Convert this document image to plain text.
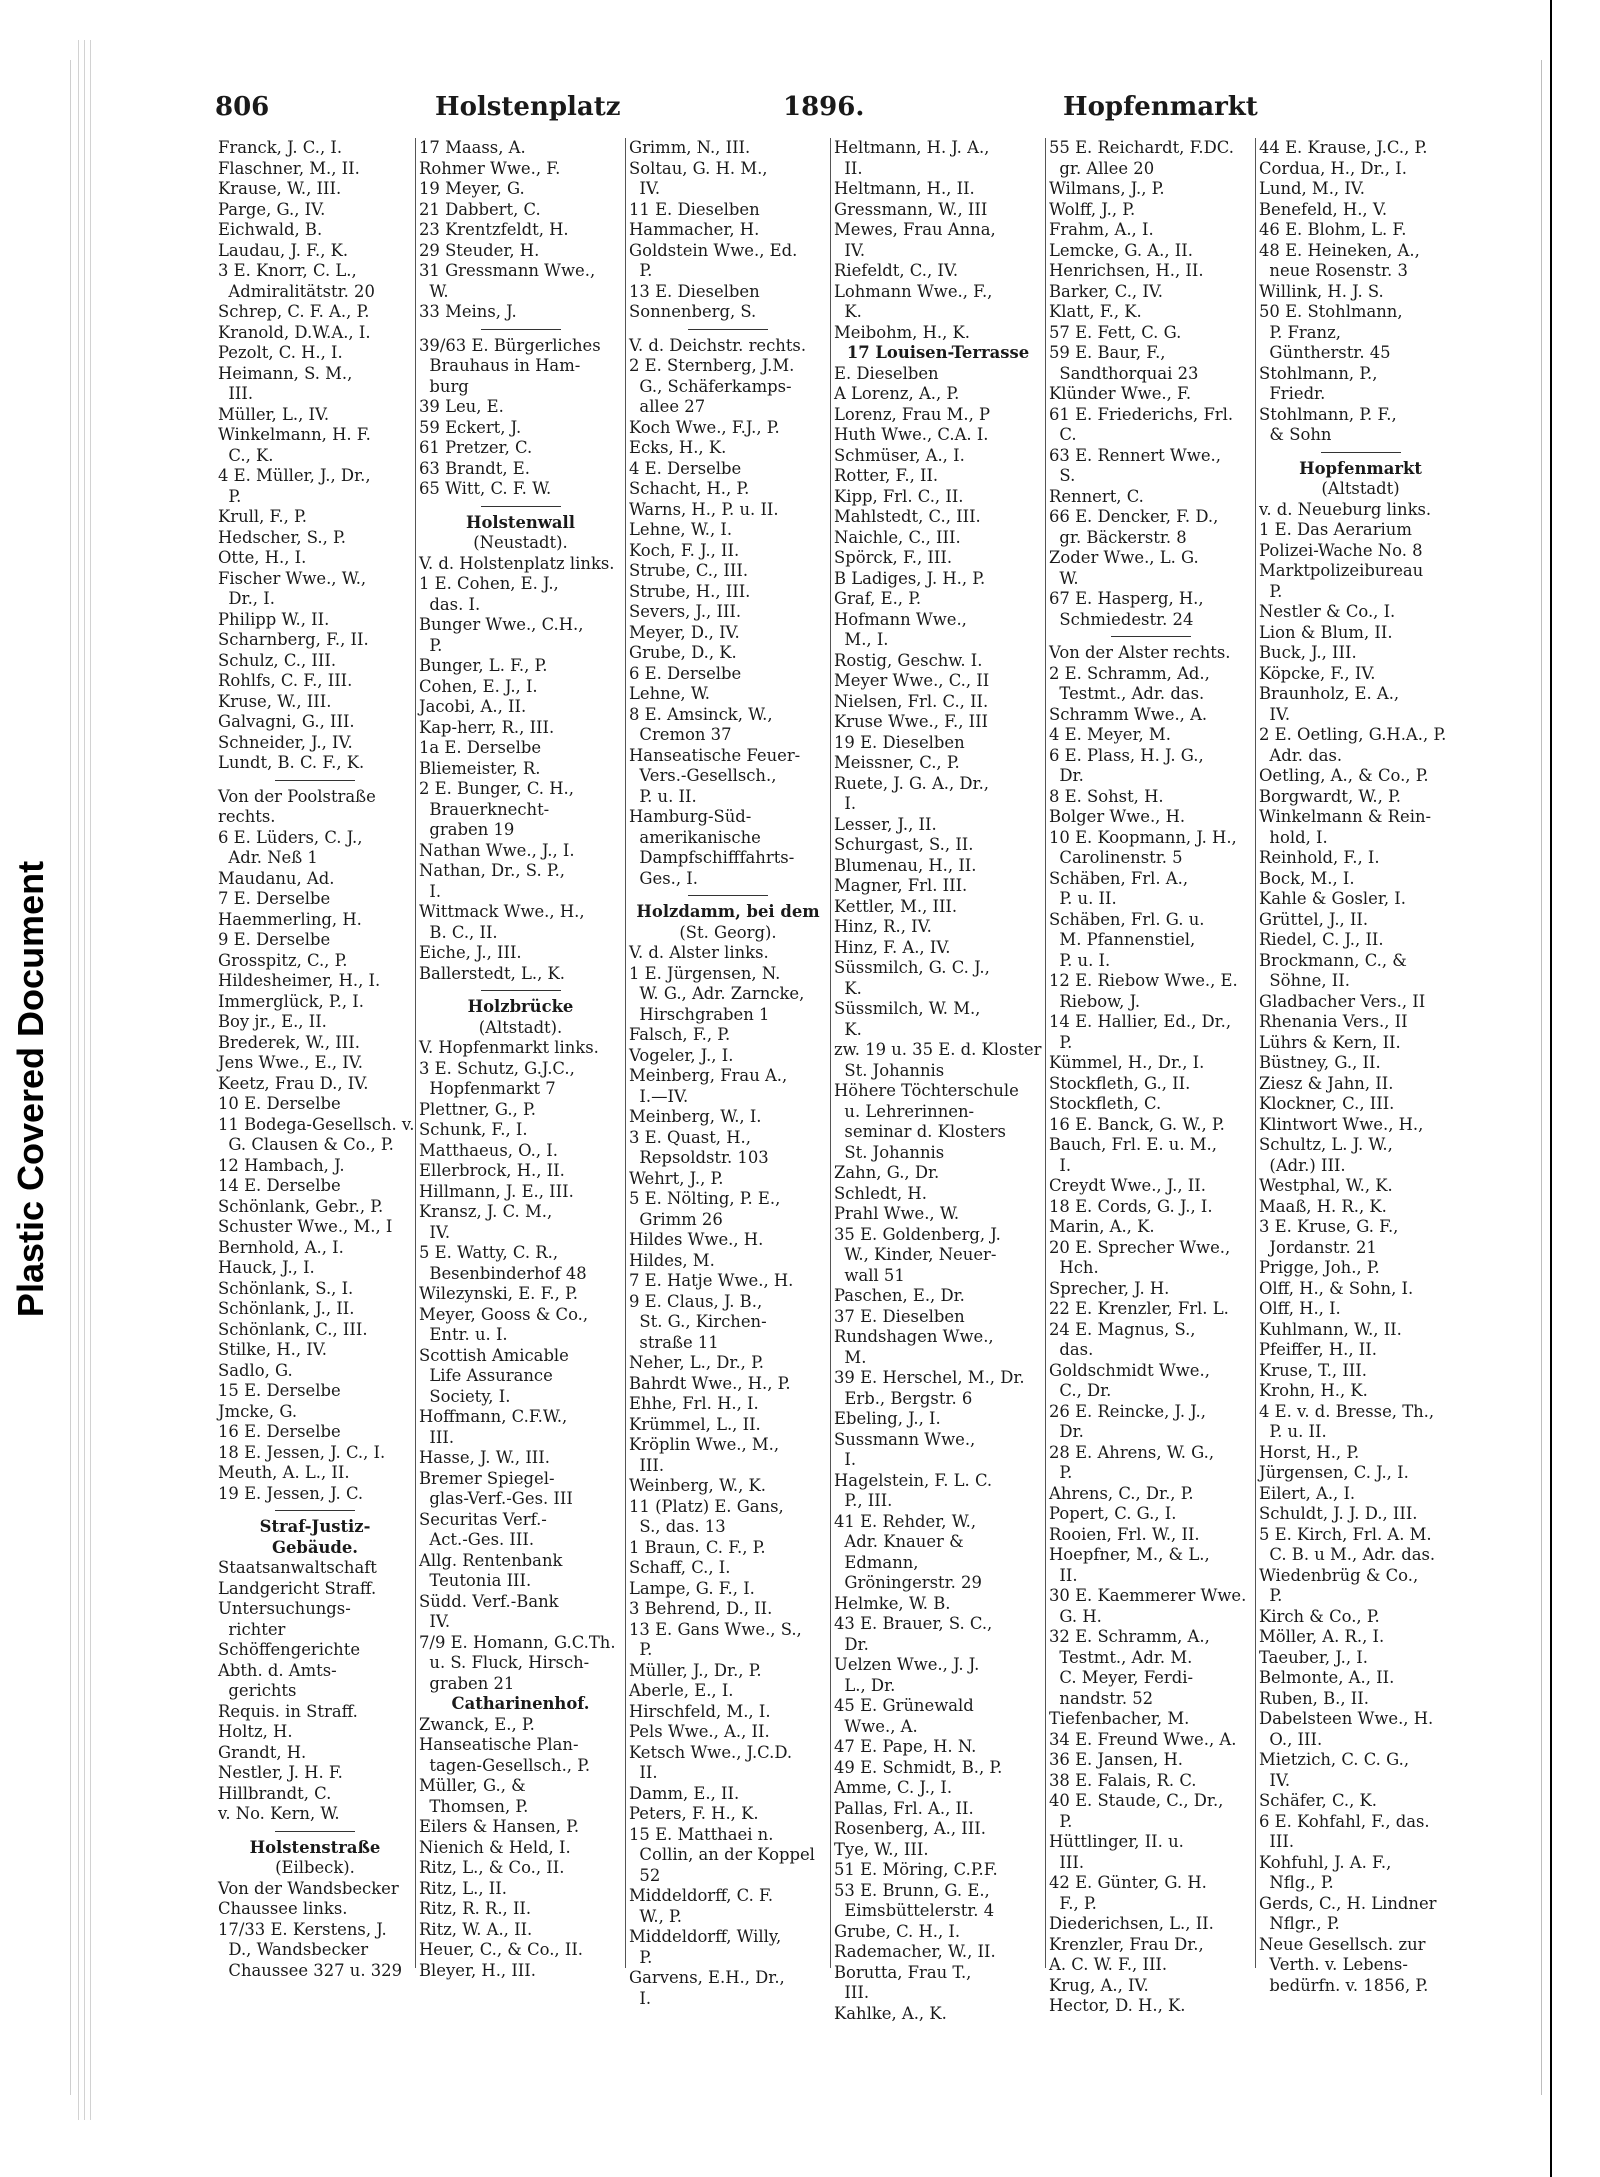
Plastic Covered Document
806	Holstenplatz	1896.	Hopfenmarkt
Franck, J. C., I.
Flaschner, M., II.
Krause, W., III.
Parge, G., IV.
Eichwald, B.
Laudau, J. F., K.
3 E. Knorr, C. L.,
Admiralitätstr. 20
Schrep, C. F. A., P.
Kranold, D.W.A., I.
Pezolt, C. H., I.
Heimann, S. M.,
III.
Müller, L., IV.
Winkelmann, H. F.
C., K.
4 E. Müller, J., Dr.,
P.
Krull, F., P.
Hedscher, S., P.
Otte, H., I.
Fischer Wwe., W.,
Dr., I.
Philipp W., II.
Scharnberg, F., II.
Schulz, C., III.
Rohlfs, C. F., III.
Kruse, W., III.
Galvagni, G., III.
Schneider, J., IV.
Lundt, B. C. F., K.
Von der Poolstraße
rechts.
6 E. Lüders, C. J.,
Adr. Neß 1
Maudanu, Ad.
7 E. Derselbe
Haemmerling, H.
9 E. Derselbe
Grosspitz, C., P.
Hildesheimer, H., I.
Immerglück, P., I.
Boy jr., E., II.
Brederek, W., III.
Jens Wwe., E., IV.
Keetz, Frau D., IV.
10 E. Derselbe
11 Bodega-Gesellsch. v.
G. Clausen & Co., P.
12 Hambach, J.
14 E. Derselbe
Schönlank, Gebr., P.
Schuster Wwe., M., I
Bernhold, A., I.
Hauck, J., I.
Schönlank, S., I.
Schönlank, J., II.
Schönlank, C., III.
Stilke, H., IV.
Sadlo, G.
15 E. Derselbe
Jmcke, G.
16 E. Derselbe
18 E. Jessen, J. C., I.
Meuth, A. L., II.
19 E. Jessen, J. C.
Straf-Justiz-
Gebäude.
Staatsanwaltschaft
Landgericht Straff.
Untersuchungs-
richter
Schöffengerichte
Abth. d. Amts-
gerichts
Requis. in Straff.
Holtz, H.
Grandt, H.
Nestler, J. H. F.
Hillbrandt, C.
v. No. Kern, W.
Holstenstraße
(Eilbeck).
Von der Wandsbecker
Chaussee links.
17/33 E. Kerstens, J.
D., Wandsbecker
Chaussee 327 u. 329
17 Maass, A.
Rohmer Wwe., F.
19 Meyer, G.
21 Dabbert, C.
23 Krentzfeldt, H.
29 Steuder, H.
31 Gressmann Wwe.,
W.
33 Meins, J.
39/63 E. Bürgerliches
Brauhaus in Ham-
burg
39 Leu, E.
59 Eckert, J.
61 Pretzer, C.
63 Brandt, E.
65 Witt, C. F. W.
Holstenwall
(Neustadt).
V. d. Holstenplatz links.
1 E. Cohen, E. J.,
das. I.
Bunger Wwe., C.H.,
P.
Bunger, L. F., P.
Cohen, E. J., I.
Jacobi, A., II.
Kap-herr, R., III.
1a E. Derselbe
Bliemeister, R.
2 E. Bunger, C. H.,
Brauerknecht-
graben 19
Nathan Wwe., J., I.
Nathan, Dr., S. P.,
I.
Wittmack Wwe., H.,
B. C., II.
Eiche, J., III.
Ballerstedt, L., K.
Holzbrücke
(Altstadt).
V. Hopfenmarkt links.
3 E. Schutz, G.J.C.,
Hopfenmarkt 7
Plettner, G., P.
Schunk, F., I.
Matthaeus, O., I.
Ellerbrock, H., II.
Hillmann, J. E., III.
Kransz, J. C. M.,
IV.
5 E. Watty, C. R.,
Besenbinderhof 48
Wilezynski, E. F., P.
Meyer, Gooss & Co.,
Entr. u. I.
Scottish Amicable
Life Assurance
Society, I.
Hoffmann, C.F.W.,
III.
Hasse, J. W., III.
Bremer Spiegel-
glas-Verf.-Ges. III
Securitas Verf.-
Act.-Ges. III.
Allg. Rentenbank
Teutonia III.
Südd. Verf.-Bank
IV.
7/9 E. Homann, G.C.Th.
u. S. Fluck, Hirsch-
graben 21
Catharinenhof.
Zwanck, E., P.
Hanseatische Plan-
tagen-Gesellsch., P.
Müller, G., &
Thomsen, P.
Eilers & Hansen, P.
Nienich & Held, I.
Ritz, L., & Co., II.
Ritz, L., II.
Ritz, R. R., II.
Ritz, W. A., II.
Heuer, C., & Co., II.
Bleyer, H., III.
Grimm, N., III.
Soltau, G. H. M.,
IV.
11 E. Dieselben
Hammacher, H.
Goldstein Wwe., Ed.
P.
13 E. Dieselben
Sonnenberg, S.
V. d. Deichstr. rechts.
2 E. Sternberg, J.M.
G., Schäferkamps-
allee 27
Koch Wwe., F.J., P.
Ecks, H., K.
4 E. Derselbe
Schacht, H., P.
Warns, H., P. u. II.
Lehne, W., I.
Koch, F. J., II.
Strube, C., III.
Strube, H., III.
Severs, J., III.
Meyer, D., IV.
Grube, D., K.
6 E. Derselbe
Lehne, W.
8 E. Amsinck, W.,
Cremon 37
Hanseatische Feuer-
Vers.-Gesellsch.,
P. u. II.
Hamburg-Süd-
amerikanische
Dampfschifffahrts-
Ges., I.
Holzdamm, bei dem
(St. Georg).
V. d. Alster links.
1 E. Jürgensen, N.
W. G., Adr. Zarncke,
Hirschgraben 1
Falsch, F., P.
Vogeler, J., I.
Meinberg, Frau A.,
I.—IV.
Meinberg, W., I.
3 E. Quast, H.,
Repsoldstr. 103
Wehrt, J., P.
5 E. Nölting, P. E.,
Grimm 26
Hildes Wwe., H.
Hildes, M.
7 E. Hatje Wwe., H.
9 E. Claus, J. B.,
St. G., Kirchen-
straße 11
Neher, L., Dr., P.
Bahrdt Wwe., H., P.
Ehhe, Frl. H., I.
Krümmel, L., II.
Kröplin Wwe., M.,
III.
Weinberg, W., K.
11 (Platz) E. Gans,
S., das. 13
1 Braun, C. F., P.
Schaff, C., I.
Lampe, G. F., I.
3 Behrend, D., II.
13 E. Gans Wwe., S.,
P.
Müller, J., Dr., P.
Aberle, E., I.
Hirschfeld, M., I.
Pels Wwe., A., II.
Ketsch Wwe., J.C.D.
II.
Damm, E., II.
Peters, F. H., K.
15 E. Matthaei n.
Collin, an der Koppel
52
Middeldorff, C. F.
W., P.
Middeldorff, Willy,
P.
Garvens, E.H., Dr.,
I.
Heltmann, H. J. A.,
II.
Heltmann, H., II.
Gressmann, W., III
Mewes, Frau Anna,
IV.
Riefeldt, C., IV.
Lohmann Wwe., F.,
K.
Meibohm, H., K.
17 Louisen-Terrasse
E. Dieselben
A Lorenz, A., P.
Lorenz, Frau M., P
Huth Wwe., C.A. I.
Schmüser, A., I.
Rotter, F., II.
Kipp, Frl. C., II.
Mahlstedt, C., III.
Naichle, C., III.
Spörck, F., III.
B Ladiges, J. H., P.
Graf, E., P.
Hofmann Wwe.,
M., I.
Rostig, Geschw. I.
Meyer Wwe., C., II
Nielsen, Frl. C., II.
Kruse Wwe., F., III
19 E. Dieselben
Meissner, C., P.
Ruete, J. G. A., Dr.,
I.
Lesser, J., II.
Schurgast, S., II.
Blumenau, H., II.
Magner, Frl. III.
Kettler, M., III.
Hinz, R., IV.
Hinz, F. A., IV.
Süssmilch, G. C. J.,
K.
Süssmilch, W. M.,
K.
zw. 19 u. 35 E. d. Kloster
St. Johannis
Höhere Töchterschule
u. Lehrerinnen-
seminar d. Klosters
St. Johannis
Zahn, G., Dr.
Schledt, H.
Prahl Wwe., W.
35 E. Goldenberg, J.
W., Kinder, Neuer-
wall 51
Paschen, E., Dr.
37 E. Dieselben
Rundshagen Wwe.,
M.
39 E. Herschel, M., Dr.
Erb., Bergstr. 6
Ebeling, J., I.
Sussmann Wwe.,
I.
Hagelstein, F. L. C.
P., III.
41 E. Rehder, W.,
Adr. Knauer &
Edmann,
Gröningerstr. 29
Helmke, W. B.
43 E. Brauer, S. C.,
Dr.
Uelzen Wwe., J. J.
L., Dr.
45 E. Grünewald
Wwe., A.
47 E. Pape, H. N.
49 E. Schmidt, B., P.
Amme, C. J., I.
Pallas, Frl. A., II.
Rosenberg, A., III.
Tye, W., III.
51 E. Möring, C.P.F.
53 E. Brunn, G. E.,
Eimsbüttelerstr. 4
Grube, C. H., I.
Rademacher, W., II.
Borutta, Frau T.,
III.
Kahlke, A., K.
55 E. Reichardt, F.DC.
gr. Allee 20
Wilmans, J., P.
Wolff, J., P.
Frahm, A., I.
Lemcke, G. A., II.
Henrichsen, H., II.
Barker, C., IV.
Klatt, F., K.
57 E. Fett, C. G.
59 E. Baur, F.,
Sandthorquai 23
Klünder Wwe., F.
61 E. Friederichs, Frl.
C.
63 E. Rennert Wwe.,
S.
Rennert, C.
66 E. Dencker, F. D.,
gr. Bäckerstr. 8
Zoder Wwe., L. G.
W.
67 E. Hasperg, H.,
Schmiedestr. 24
Von der Alster rechts.
2 E. Schramm, Ad.,
Testmt., Adr. das.
Schramm Wwe., A.
4 E. Meyer, M.
6 E. Plass, H. J. G.,
Dr.
8 E. Sohst, H.
Bolger Wwe., H.
10 E. Koopmann, J. H.,
Carolinenstr. 5
Schäben, Frl. A.,
P. u. II.
Schäben, Frl. G. u.
M. Pfannenstiel,
P. u. I.
12 E. Riebow Wwe., E.
Riebow, J.
14 E. Hallier, Ed., Dr.,
P.
Kümmel, H., Dr., I.
Stockfleth, G., II.
Stockfleth, C.
16 E. Banck, G. W., P.
Bauch, Frl. E. u. M.,
I.
Creydt Wwe., J., II.
18 E. Cords, G. J., I.
Marin, A., K.
20 E. Sprecher Wwe.,
Hch.
Sprecher, J. H.
22 E. Krenzler, Frl. L.
24 E. Magnus, S.,
das.
Goldschmidt Wwe.,
C., Dr.
26 E. Reincke, J. J.,
Dr.
28 E. Ahrens, W. G.,
P.
Ahrens, C., Dr., P.
Popert, C. G., I.
Rooien, Frl. W., II.
Hoepfner, M., & L.,
II.
30 E. Kaemmerer Wwe.
G. H.
32 E. Schramm, A.,
Testmt., Adr. M.
C. Meyer, Ferdi-
nandstr. 52
Tiefenbacher, M.
34 E. Freund Wwe., A.
36 E. Jansen, H.
38 E. Falais, R. C.
40 E. Staude, C., Dr.,
P.
Hüttlinger, II. u.
III.
42 E. Günter, G. H.
F., P.
Diederichsen, L., II.
Krenzler, Frau Dr.,
A. C. W. F., III.
Krug, A., IV.
Hector, D. H., K.
44 E. Krause, J.C., P.
Cordua, H., Dr., I.
Lund, M., IV.
Benefeld, H., V.
46 E. Blohm, L. F.
48 E. Heineken, A.,
neue Rosenstr. 3
Willink, H. J. S.
50 E. Stohlmann,
P. Franz,
Güntherstr. 45
Stohlmann, P.,
Friedr.
Stohlmann, P. F.,
& Sohn
Hopfenmarkt
(Altstadt)
v. d. Neueburg links.
1 E. Das Aerarium
Polizei-Wache No. 8
Marktpolizeibureau
P.
Nestler & Co., I.
Lion & Blum, II.
Buck, J., III.
Köpcke, F., IV.
Braunholz, E. A.,
IV.
2 E. Oetling, G.H.A., P.
Adr. das.
Oetling, A., & Co., P.
Borgwardt, W., P.
Winkelmann & Rein-
hold, I.
Reinhold, F., I.
Bock, M., I.
Kahle & Gosler, I.
Grüttel, J., II.
Riedel, C. J., II.
Brockmann, C., &
Söhne, II.
Gladbacher Vers., II
Rhenania Vers., II
Lührs & Kern, II.
Büstney, G., II.
Ziesz & Jahn, II.
Klockner, C., III.
Klintwort Wwe., H.,
Schultz, L. J. W.,
(Adr.) III.
Westphal, W., K.
Maaß, H. R., K.
3 E. Kruse, G. F.,
Jordanstr. 21
Prigge, Joh., P.
Olff, H., & Sohn, I.
Olff, H., I.
Kuhlmann, W., II.
Pfeiffer, H., II.
Kruse, T., III.
Krohn, H., K.
4 E. v. d. Bresse, Th.,
P. u. II.
Horst, H., P.
Jürgensen, C. J., I.
Eilert, A., I.
Schuldt, J. J. D., III.
5 E. Kirch, Frl. A. M.
C. B. u M., Adr. das.
Wiedenbrüg & Co.,
P.
Kirch & Co., P.
Möller, A. R., I.
Taeuber, J., I.
Belmonte, A., II.
Ruben, B., II.
Dabelsteen Wwe., H.
O., III.
Mietzich, C. C. G.,
IV.
Schäfer, C., K.
6 E. Kohfahl, F., das.
III.
Kohfuhl, J. A. F.,
Nflg., P.
Gerds, C., H. Lindner
Nflgr., P.
Neue Gesellsch. zur
Verth. v. Lebens-
bedürfn. v. 1856, P.
